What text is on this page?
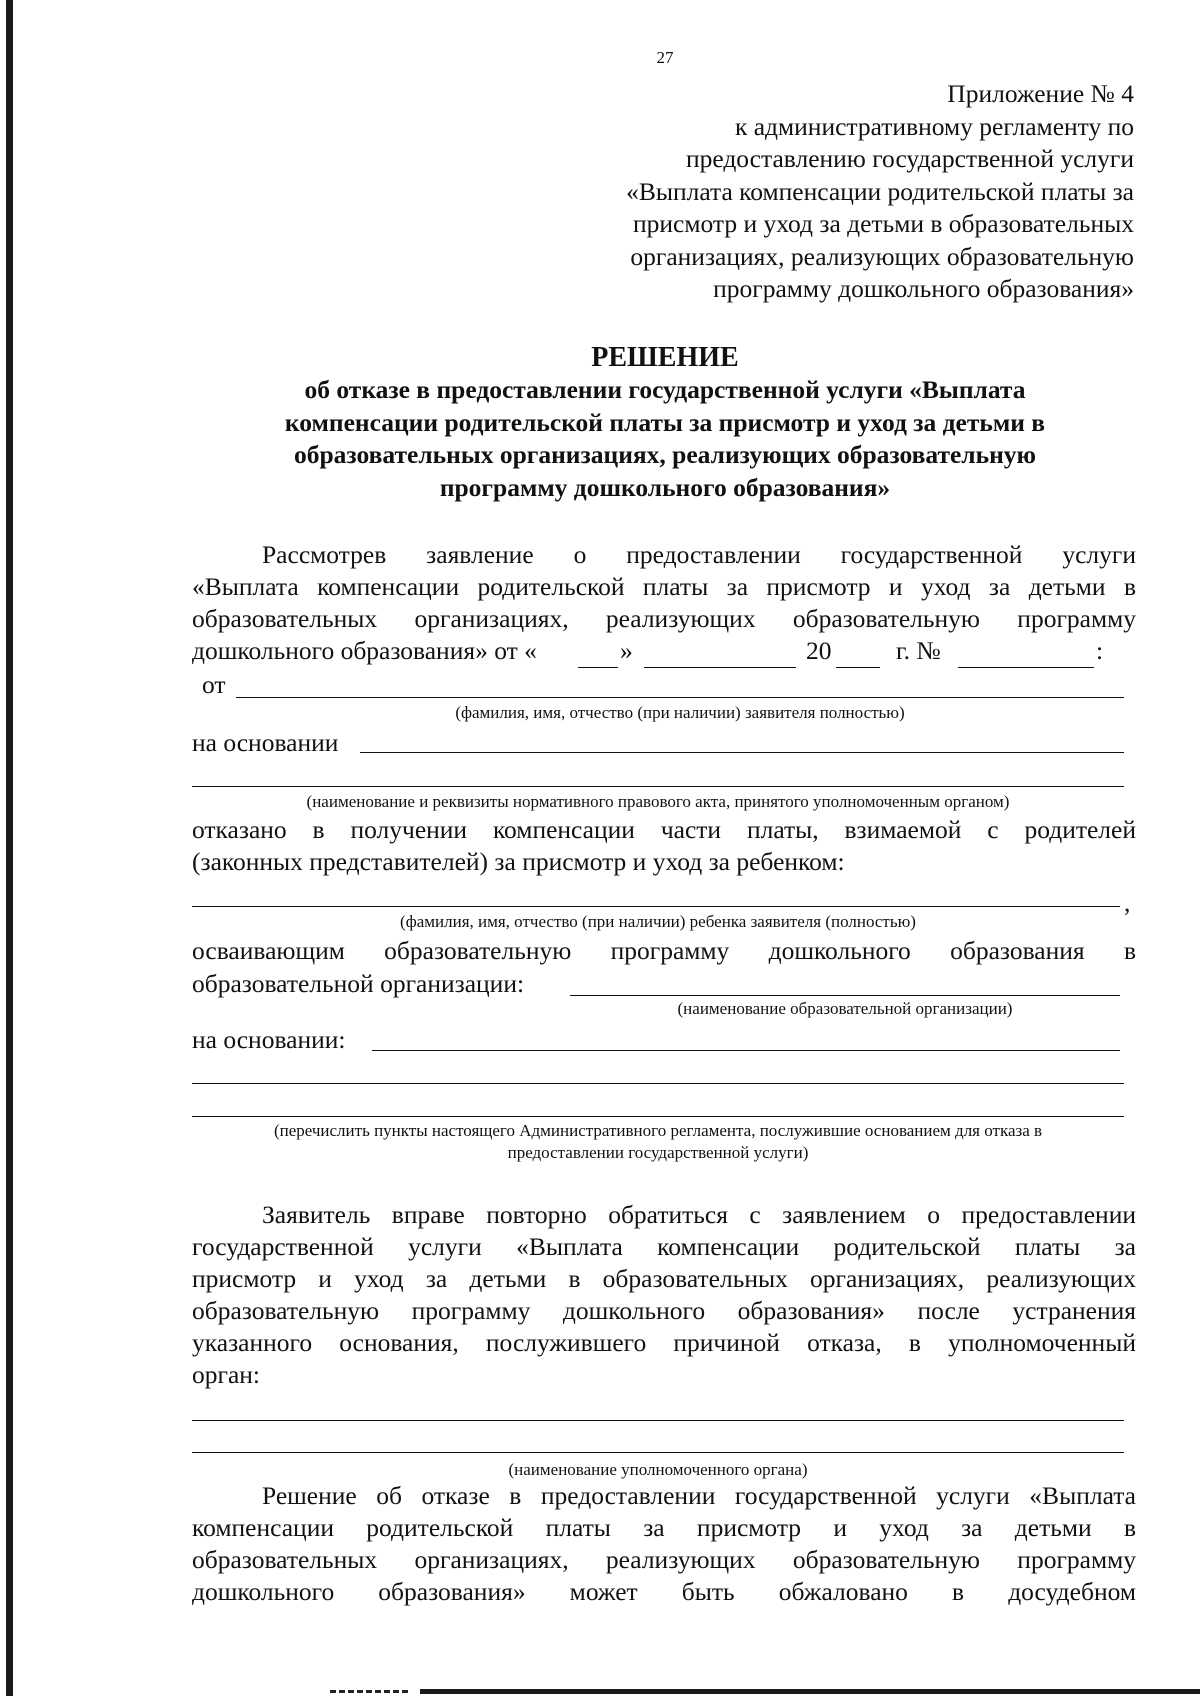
27
Приложение № 4
к административному регламенту по
предоставлению государственной услуги
«Выплата компенсации родительской платы за
присмотр и уход за детьми в образовательных
организациях, реализующих образовательную
программу дошкольного образования»
РЕШЕНИЕ
об отказе в предоставлении государственной услуги «Выплата
компенсации родительской платы за присмотр и уход за детьми в
образовательных организациях, реализующих образовательную
программу дошкольного образования»
Рассмотрев заявление о предоставлении государственной услуги
«Выплата компенсации родительской платы за присмотр и уход за детьми в
образовательных организациях, реализующих образовательную программу
дошкольного образования» от «	»	20	г. №	:
от
(фамилия, имя, отчество (при наличии) заявителя полностью)
на основании
(наименование и реквизиты нормативного правового акта, принятого уполномоченным органом)
отказано в получении компенсации части платы, взимаемой с родителей
(законных представителей) за присмотр и уход за ребенком:
,
(фамилия, имя, отчество (при наличии) ребенка заявителя (полностью)
осваивающим образовательную программу дошкольного образования в
образовательной организации:
(наименование образовательной организации)
на основании:
(перечислить пункты настоящего Административного регламента, послужившие основанием для отказа в
предоставлении государственной услуги)
Заявитель вправе повторно обратиться с заявлением о предоставлении
государственной услуги «Выплата компенсации родительской платы за
присмотр и уход за детьми в образовательных организациях, реализующих
образовательную программу дошкольного образования» после устранения
указанного основания, послужившего причиной отказа, в уполномоченный
орган:
(наименование уполномоченного органа)
Решение об отказе в предоставлении государственной услуги «Выплата
компенсации родительской платы за присмотр и уход за детьми в
образовательных организациях, реализующих образовательную программу
дошкольного образования» может быть обжаловано в досудебном
